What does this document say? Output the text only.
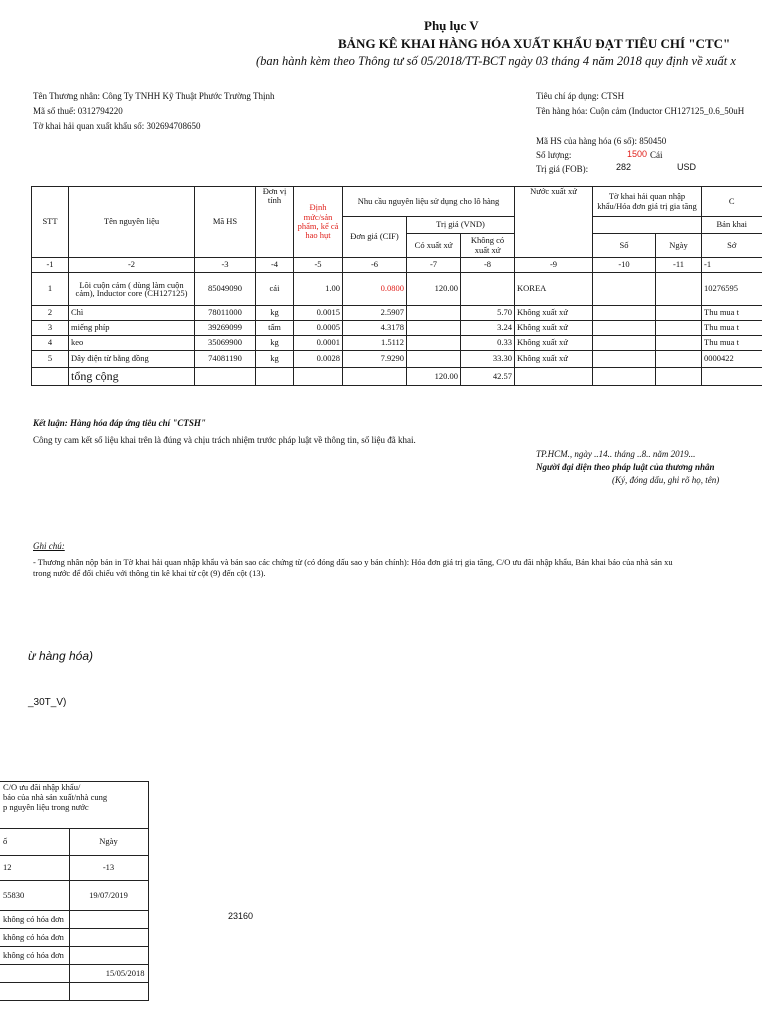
Phụ lục V
BẢNG KÊ KHAI HÀNG HÓA XUẤT KHẨU ĐẠT TIÊU CHÍ "CTC"
(ban hành kèm theo Thông tư số 05/2018/TT-BCT ngày 03 tháng 4 năm 2018 quy định về xuất x
Tên Thương nhân: Công Ty TNHH Kỹ Thuật Phước Trường Thịnh
Mã số thuế: 0312794220
Tờ khai hải quan xuất khẩu số: 302694708650
Tiêu chí áp dụng: CTSH
Tên hàng hóa: Cuộn cảm (Inductor CH127125_0.6_50uH
Mã HS của hàng hóa (6 số): 850450
Số lượng:	1500 Cái
Trị giá (FOB):	282	USD
STT	Tên nguyên liệu	Mã HS	Đơn vị tính	Định mức/sản phẩm, kể cả hao hụt	Nhu cầu nguyên liệu sử dụng cho lô hàng			Nước xuất xứ	Tờ khai hải quan nhập khẩu/Hóa đơn giá trị gia tăng		C
					Đơn giá (CIF)	Trị giá (VND)					Bản khai
						Có xuất xứ	Không có xuất xứ		Số	Ngày	Sớ
-1	-2	-3	-4	-5	-6	-7	-8	-9	-10	-11	-1
1	Lõi cuộn cảm ( dùng làm cuộn cảm), Inductor core (CH127125)	85049090	cái	1.00	0.0800	120.00		KOREA			10276595
2	Chì	78011000	kg	0.0015	2.5907		5.70	Không xuất xứ			Thu mua t
3	miếng phíp	39269099	tấm	0.0005	4.3178		3.24	Không xuất xứ			Thu mua t
4	keo	35069900	kg	0.0001	1.5112		0.33	Không xuất xứ			Thu mua t
5	Dây điện từ bằng đồng	74081190	kg	0.0028	7.9290		33.30	Không xuất xứ			0000422
	tổng cộng					120.00	42.57				
Kết luận: Hàng hóa đáp ứng tiêu chí "CTSH"
Công ty cam kết số liệu khai trên là đúng và chịu trách nhiệm trước pháp luật về thông tin, số liệu đã khai.
TP.HCM., ngày ..14.. tháng ..8.. năm 2019...
Người đại diện theo pháp luật của thương nhân
(Ký, đóng dấu, ghi rõ họ, tên)
Ghi chú:
- Thương nhân nộp bản in Tờ khai hải quan nhập khẩu và bản sao các chứng từ (có đóng dấu sao y bản chính): Hóa đơn giá trị gia tăng, C/O ưu đãi nhập khẩu, Bản khai báo của nhà sản xu
trong nước để đối chiếu với thông tin kê khai từ cột (9) đến cột (13).
ừ hàng hóa)
_30T_V)
C/O ưu đãi nhập khẩu/
báo của nhà sản xuất/nhà cung
p nguyên liệu trong nước	

ố	Ngày
12	-13
55830	19/07/2019
không có hóa đơn	
không có hóa đơn	
không có hóa đơn	
	15/05/2018

23160
